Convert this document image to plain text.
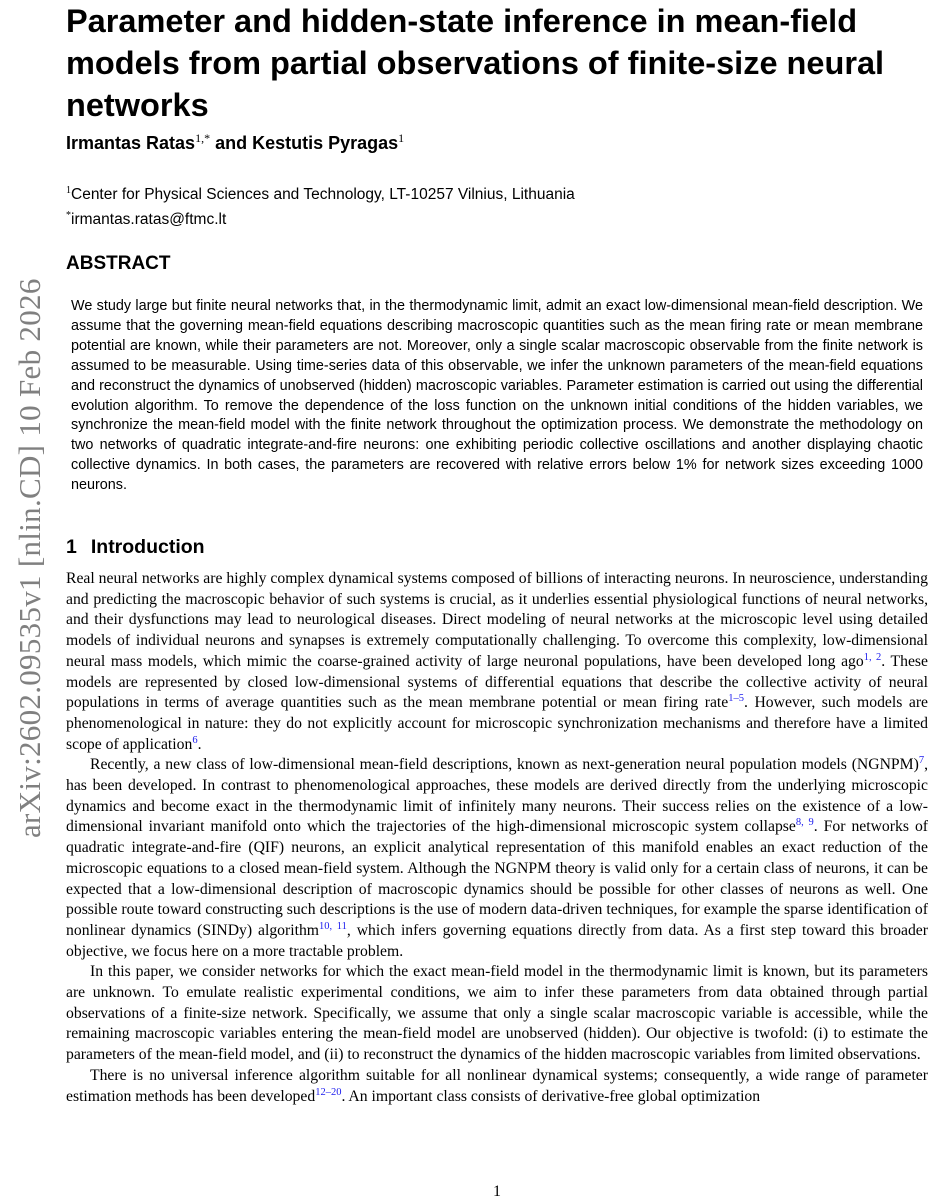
arXiv:2602.09535v1 [nlin.CD] 10 Feb 2026
Parameter and hidden-state inference in mean-field models from partial observations of finite-size neural networks
Irmantas Ratas$^{1,*}$ and Kestutis Pyragas$^1$
$^1$Center for Physical Sciences and Technology, LT-10257 Vilnius, Lithuania
*irmantas.ratas@ftmc.lt
ABSTRACT

We study large but finite neural networks that, in the thermodynamic limit, admit an exact low-dimensional mean-field description. We assume that the governing mean-field equations describing macroscopic quantities such as the mean firing rate or mean membrane potential are known, while their parameters are not. Moreover, only a single scalar macroscopic observable from the finite network is assumed to be measurable. Using time-series data of this observable, we infer the unknown parameters of the mean-field equations and reconstruct the dynamics of unobserved (hidden) macroscopic variables. Parameter estimation is carried out using the differential evolution algorithm. To remove the dependence of the loss function on the unknown initial conditions of the hidden variables, we synchronize the mean-field model with the finite network throughout the optimization process. We demonstrate the methodology on two networks of quadratic integrate-and-fire neurons: one exhibiting periodic collective oscillations and another displaying chaotic collective dynamics. In both cases, the parameters are recovered with relative errors below 1% for network sizes exceeding 1000 neurons.

1 Introduction

Real neural networks are highly complex dynamical systems composed of billions of interacting neurons. In neuroscience, understanding and predicting the macroscopic behavior of such systems is crucial, as it underlies essential physiological functions of neural networks, and their dysfunctions may lead to neurological diseases. Direct modeling of neural networks at the microscopic level using detailed models of individual neurons and synapses is extremely computationally challenging. To overcome this complexity, low-dimensional neural mass models, which mimic the coarse-grained activity of large neuronal populations, have been developed long ago$^{1, 2}$. These models are represented by closed low-dimensional systems of differential equations that describe the collective activity of neural populations in terms of average quantities such as the mean membrane potential or mean firing rate$^{1-5}$. However, such models are phenomenological in nature: they do not explicitly account for microscopic synchronization mechanisms and therefore have a limited scope of application$^6$.

Recently, a new class of low-dimensional mean-field descriptions, known as next-generation neural population models (NGNPM)$^7$, has been developed. In contrast to phenomenological approaches, these models are derived directly from the underlying microscopic dynamics and become exact in the thermodynamic limit of infinitely many neurons. Their success relies on the existence of a low-dimensional invariant manifold onto which the trajectories of the high-dimensional microscopic system collapse$^{8, 9}$. For networks of quadratic integrate-and-fire (QIF) neurons, an explicit analytical representation of this manifold enables an exact reduction of the microscopic equations to a closed mean-field system. Although the NGNPM theory is valid only for a certain class of neurons, it can be expected that a low-dimensional description of macroscopic dynamics should be possible for other classes of neurons as well. One possible route toward constructing such descriptions is the use of modern data-driven techniques, for example the sparse identification of nonlinear dynamics (SINDy) algorithm$^{10, 11}$, which infers governing equations directly from data. As a first step toward this broader objective, we focus here on a more tractable problem.

In this paper, we consider networks for which the exact mean-field model in the thermodynamic limit is known, but its parameters are unknown. To emulate realistic experimental conditions, we aim to infer these parameters from data obtained through partial observations of a finite-size network. Specifically, we assume that only a single scalar macroscopic variable is accessible, while the remaining macroscopic variables entering the mean-field model are unobserved (hidden). Our objective is twofold: (i) to estimate the parameters of the mean-field model, and (ii) to reconstruct the dynamics of the hidden macroscopic variables from limited observations.

There is no universal inference algorithm suitable for all nonlinear dynamical systems; consequently, a wide range of parameter estimation methods has been developed$^{12-20}$. An important class consists of derivative-free global optimization

1
